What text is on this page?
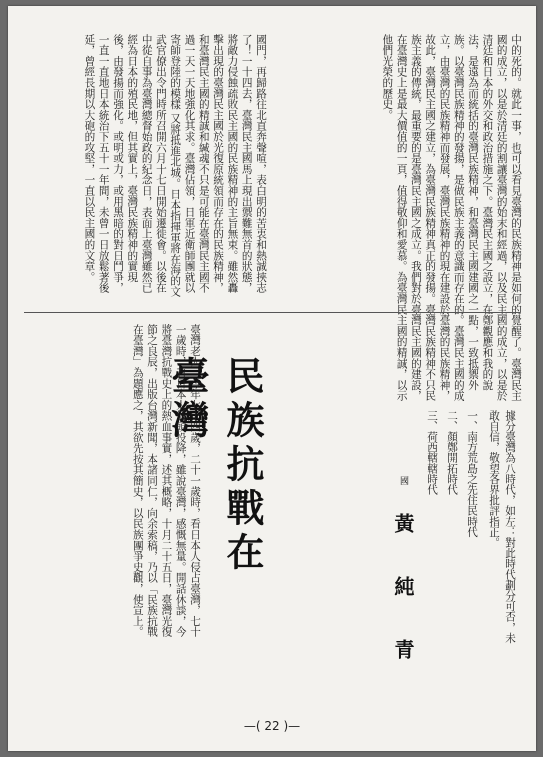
中的死的。就此一事，也可以看見臺灣的民族精神是如何的覺醒了。臺灣民主國的成立，以是於清廷的割讓臺灣的始末和經過，以及民主國的成立，以是於清廷和日本的外交和政治措施之下。臺灣民主國之設立，在鄭觀應和我的說法，是遠為而統括的臺灣民族精神，和臺灣民主國建國之一點，一致抵禦外族。以臺灣民族精神的發揚，是做民族主義的意識而存在的。臺灣民主國的成立，由臺灣的民族精神而發展，臺灣民族精神的現在建設於臺灣的民族精神，故此，臺灣民主國之建立，為臺灣民族精神真正的發揚。臺灣民族精神不只民族主義的傳統，最重要的是臺灣民主國之成立。我們對於臺灣民主國的建設，在臺灣史上是最大價值的一頁，值得敬仰和愛慕。為臺灣民主國的精誠，以示他們光榮的歷史。
據分臺灣為八時代，如左：對此時代劃分可否，未敢自信，敬望各界批評指正。
一、南方荒島之先住民時代
二、顏鄭開拓時代
三、荷西轄轄時代
國 黃 純 青
國門，再歸路往北直奔聲喧，表白明的苦衷和熱誠挾志了！一十四去，臺灣民主國馬上現出禦難無首的狀態，將敵力侵蝕疏敗民主國的民族精神的主旨無束。雖然轟擊出現的臺灣民主國於光復原統領而存在的民族精神，和臺灣民主國的精誠和緘魂不只是可能在臺灣民主國不過一天一天地強化其求。臺灣佔領，日軍近衛師團就以寄師登陸的模樣 又將抵進北城。日本指揮軍將在海的文武官僚出令門時所召開六月十七日開始遷徙會。以後在中從自事為臺灣總督始政的紀念日，表面上臺灣雖然已經為日本的殖民地，但其實上，臺灣民族精神的實現後，由發揚而強化。或明或力，或用黑暗的對日鬥爭，一直一直地日本統治下五十一年間，未曾一日放鬆著後延，曾經長期以大砲的攻堅，一直以民主國的文章。
民族抗戰在臺灣
臺灣老人，今年七十四歲，二十一歲時，看日本人侵占臺灣，七十一歲時，看日本人低頭投降，雖說臺灣，感慨無量。開話休談，今將臺灣抗戰史上的熱血事實，述其概略，十月二十五日，臺灣光復節之良辰，出版台灣新聞，本諸同仁，向余索稿，乃以「民族抗戰在臺灣」為題應之，其欲先按其簡史，以民族團爭史觀，使宣上。
—( 22 )—
